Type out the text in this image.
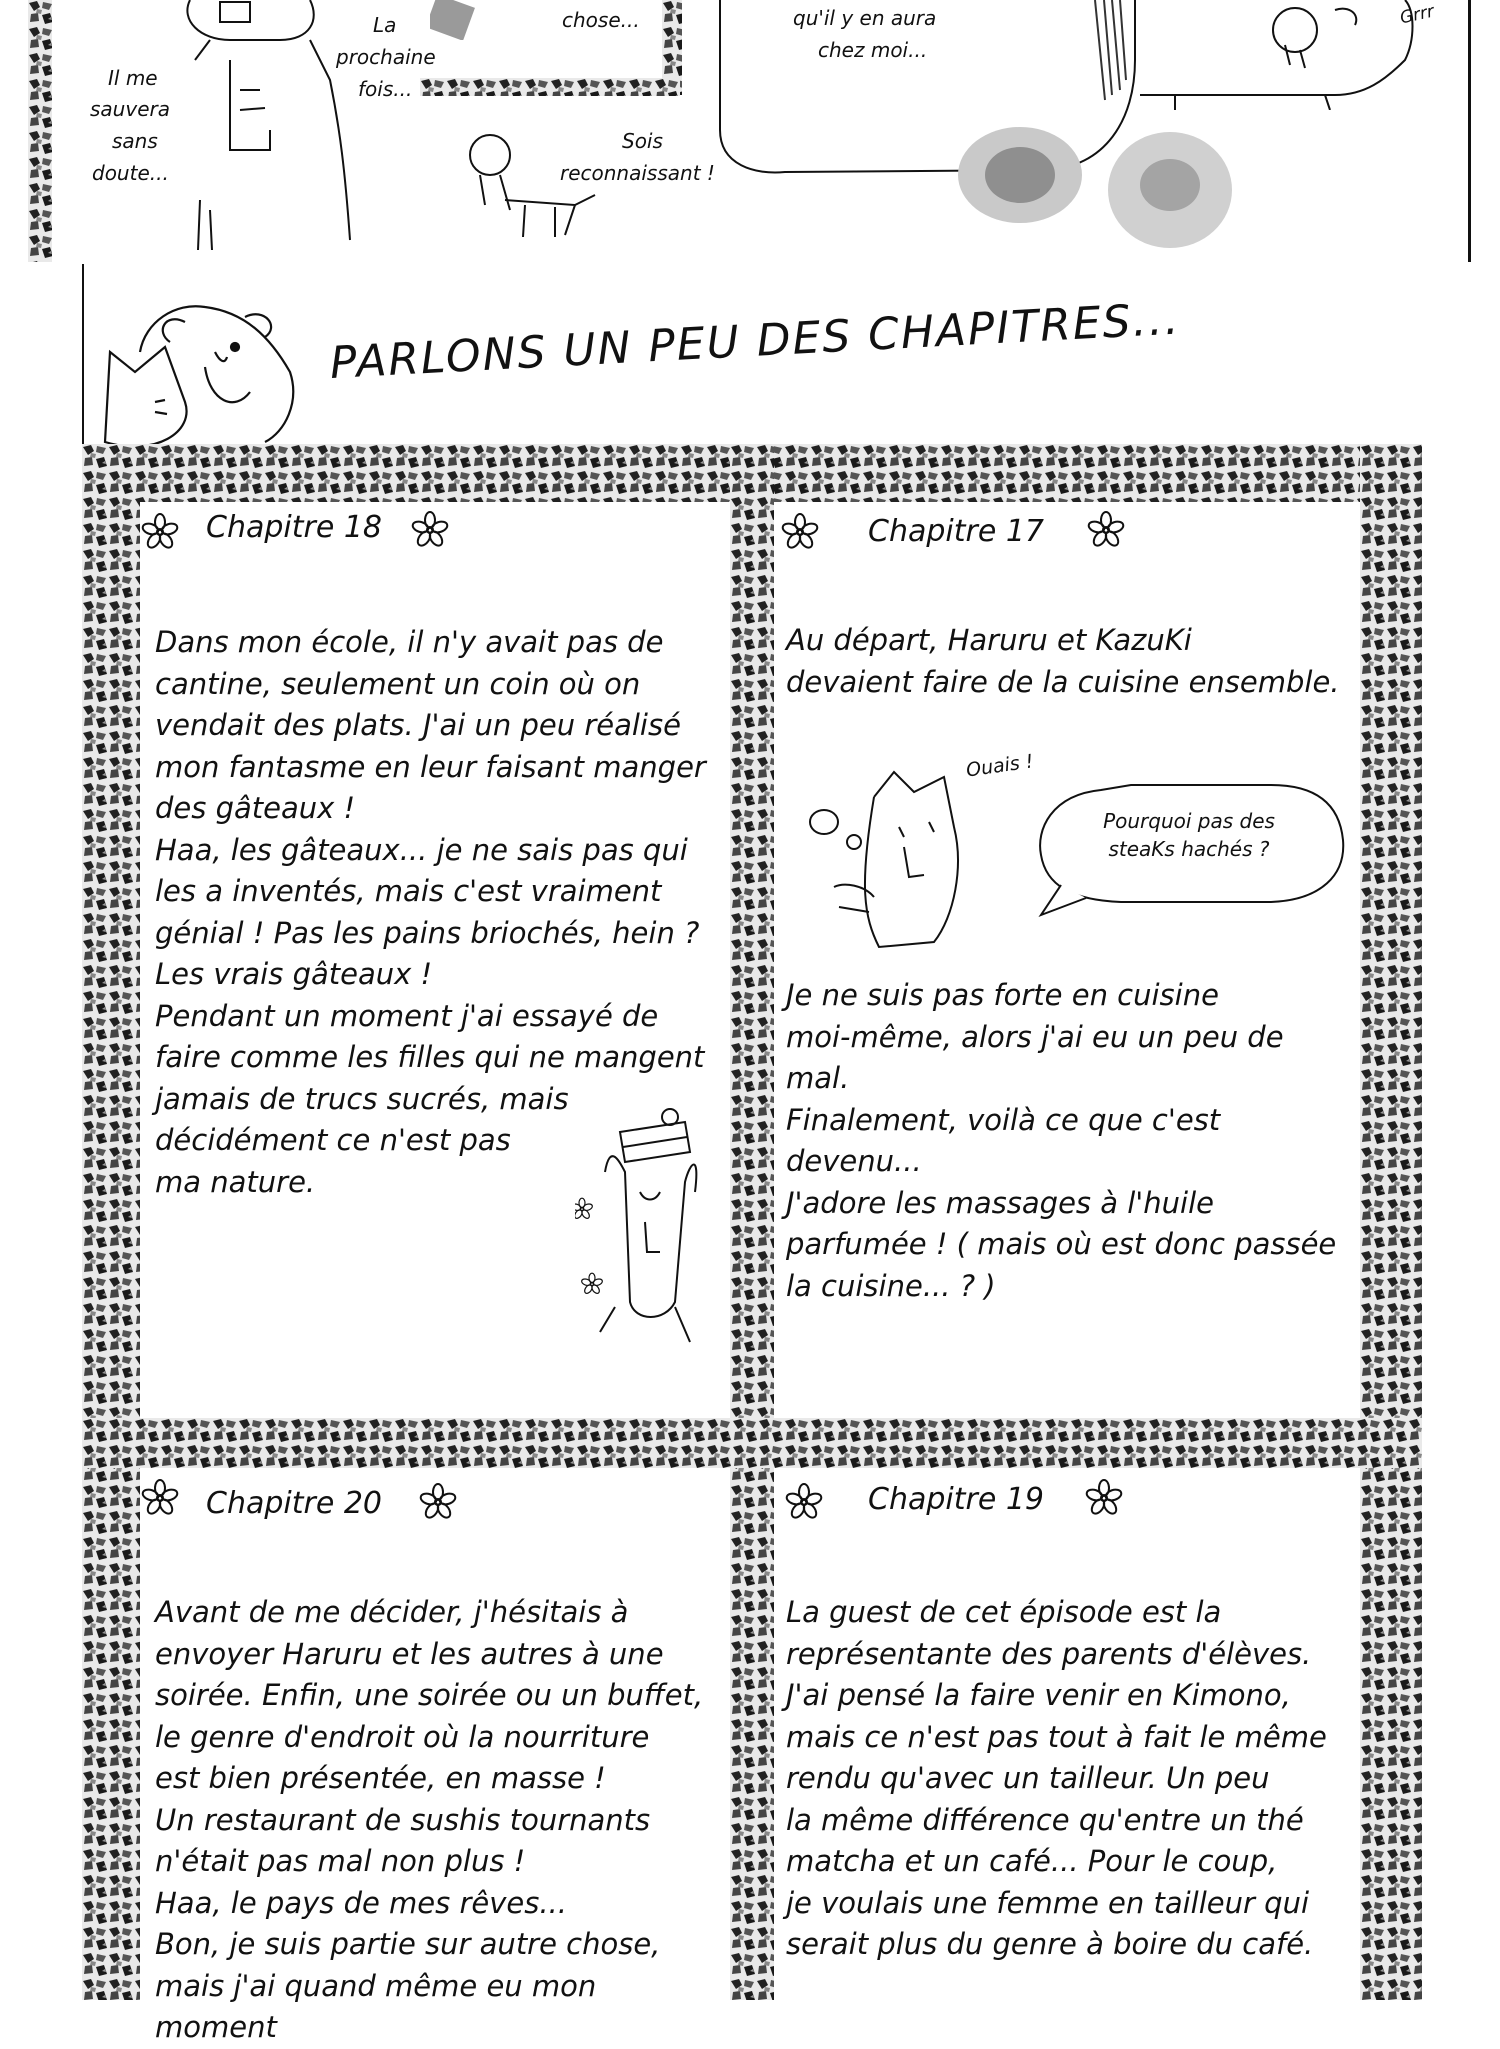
La
prochaine
fois...
chose...	qu'il y en aura
chez moi...
Grrr
Il me
sauvera
sans
doute...
Sois
reconnaissant !
PARLONS UN PEU DES CHAPITRES...
Chapitre 18
Dans mon école, il n'y avait pas de
cantine, seulement un coin où on
vendait des plats. J'ai un peu réalisé
mon fantasme en leur faisant manger
des gâteaux !
Haa, les gâteaux... je ne sais pas qui
les a inventés, mais c'est vraiment
génial ! Pas les pains briochés, hein ?
Les vrais gâteaux !
Pendant un moment j'ai essayé de
faire comme les filles qui ne mangent
jamais de trucs sucrés, mais
décidément ce n'est pas
ma nature.
Chapitre 17
Au départ, Haruru et KazuKi
devaient faire de la cuisine ensemble.
Ouais !
Pourquoi pas des
steaKs hachés ?
Je ne suis pas forte en cuisine
moi-même, alors j'ai eu un peu de mal.
Finalement, voilà ce que c'est devenu...
J'adore les massages à l'huile
parfumée ! ( mais où est donc passée
la cuisine... ? )
Chapitre 20
Avant de me décider, j'hésitais à
envoyer Haruru et les autres à une
soirée. Enfin, une soirée ou un buffet,
le genre d'endroit où la nourriture
est bien présentée, en masse !
Un restaurant de sushis tournants
n'était pas mal non plus !
Haa, le pays de mes rêves...
Bon, je suis partie sur autre chose,
mais j'ai quand même eu mon moment
Chapitre 19
La guest de cet épisode est la
représentante des parents d'élèves.
J'ai pensé la faire venir en Kimono,
mais ce n'est pas tout à fait le même
rendu qu'avec un tailleur. Un peu
la même différence qu'entre un thé
matcha et un café... Pour le coup,
je voulais une femme en tailleur qui
serait plus du genre à boire du café.
